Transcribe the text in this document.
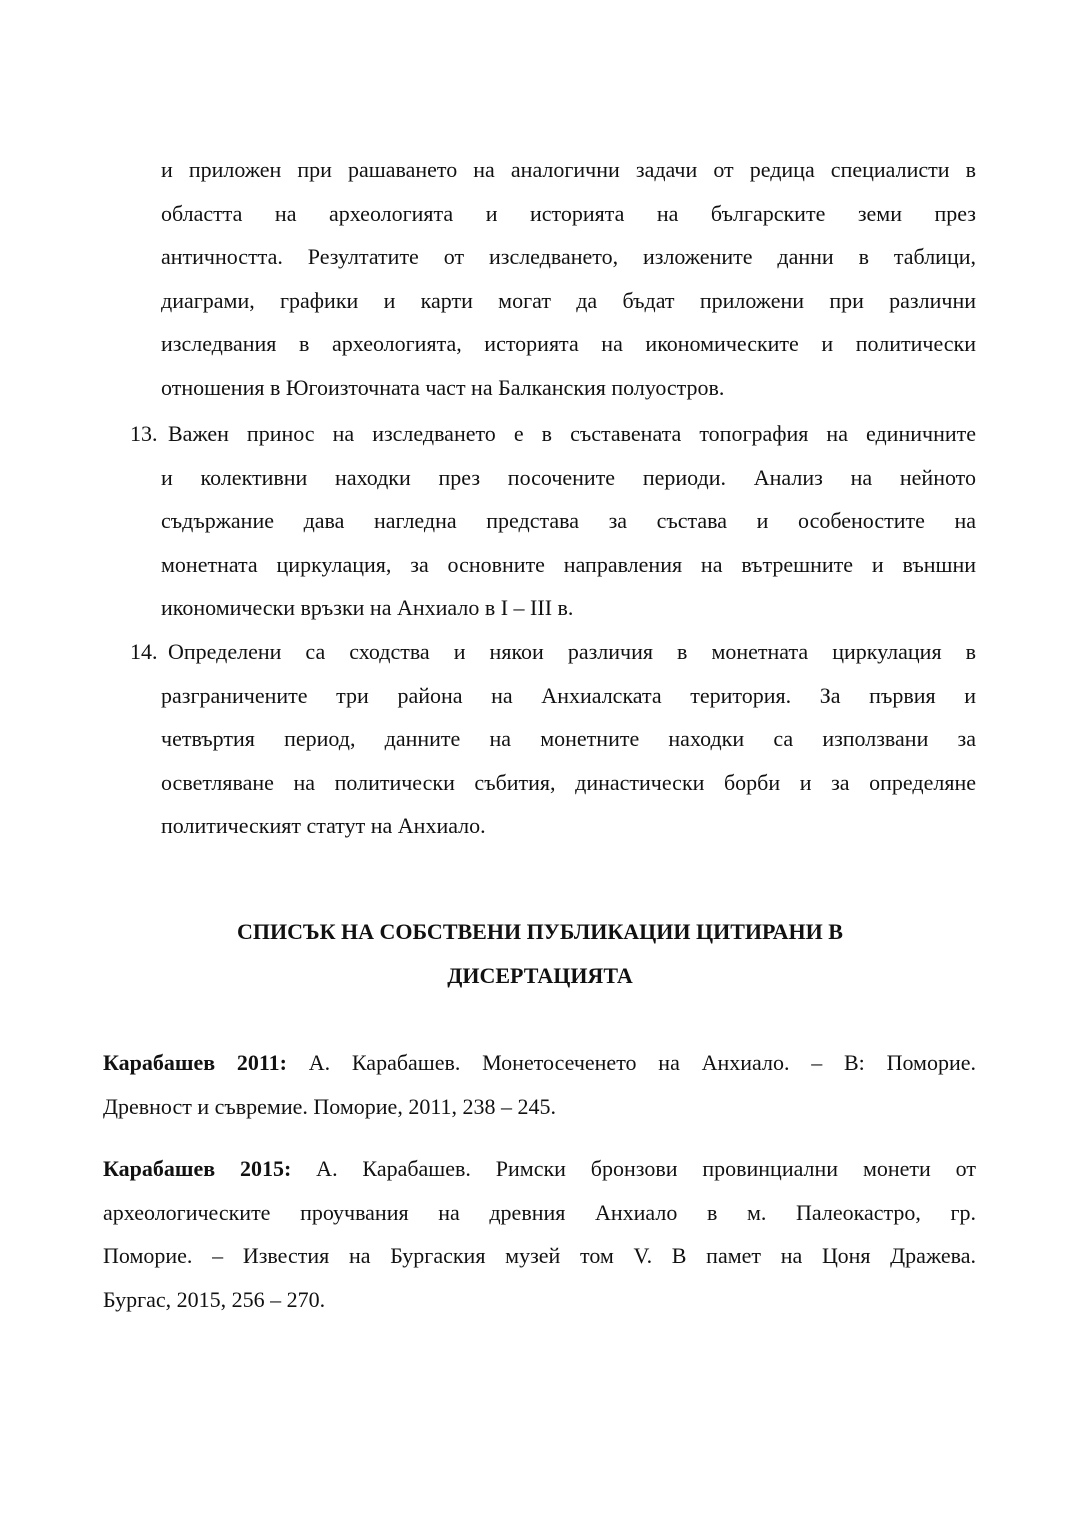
и приложен при рашаването на аналогични задачи от редица специалисти в
областта на археологията и историята на българските земи през
античността. Резултатите от изследването, изложените данни в таблици,
диаграми, графики и карти могат да бъдат приложени при различни
изследвания в археологията, историята на икономическите и политически
отношения в Югоизточната част на Балканския полуостров.
13. Важен принос на изследването е в съставената топография на единичните
и колективни находки през посочените периоди. Анализ на нейното
съдържание дава нагледна представа за състава и особеностите на
монетната циркулация, за основните направления на вътрешните и външни
икономически връзки на Анхиало в I – III в.
14. Определени са сходства и някои различия в монетната циркулация в
разграничените три района на Анхиалската територия. За първия и
четвъртия период, данните на монетните находки са използвани за
осветляване на политически събития, династически борби и за определяне
политическият статут на Анхиало.
СПИСЪК НА СОБСТВЕНИ ПУБЛИКАЦИИ ЦИТИРАНИ В
ДИСЕРТАЦИЯТА
Карабашев 2011: А. Карабашев. Монетосеченето на Анхиало. – В: Поморие.
Древност и съвремие. Поморие, 2011, 238 – 245.
Карабашев 2015: А. Карабашев. Римски бронзови провинциални монети от
археологическите проучвания на древния Анхиало в м. Палеокастро, гр.
Поморие. – Известия на Бургаския музей том V. В памет на Цоня Дражева.
Бургас, 2015, 256 – 270.
